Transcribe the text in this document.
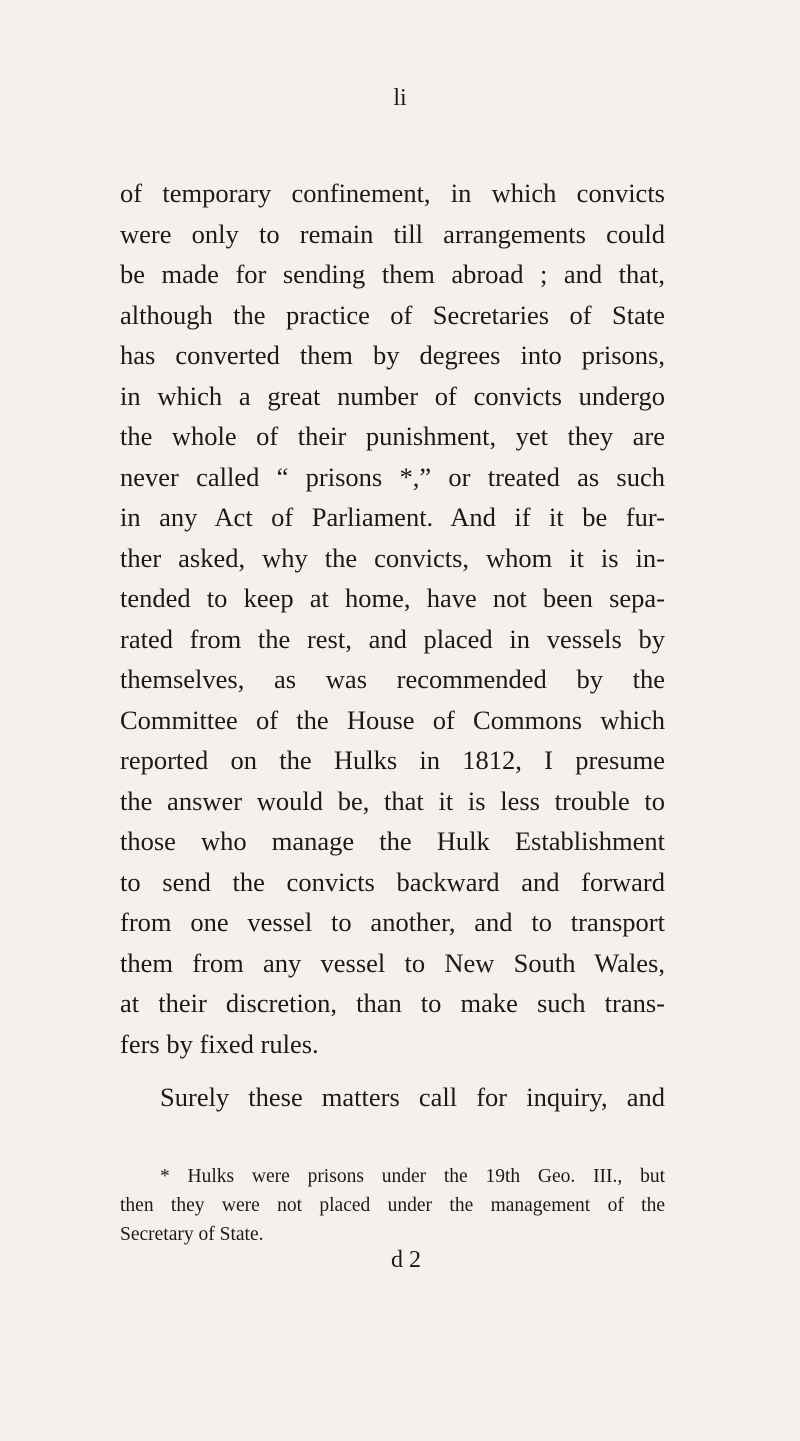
li
of temporary confinement, in which convicts
were only to remain till arrangements could
be made for sending them abroad ; and that,
although the practice of Secretaries of State
has converted them by degrees into prisons,
in which a great number of convicts undergo
the whole of their punishment, yet they are
never called “ prisons *,” or treated as such
in any Act of Parliament. And if it be fur-
ther asked, why the convicts, whom it is in-
tended to keep at home, have not been sepa-
rated from the rest, and placed in vessels by
themselves, as was recommended by the
Committee of the House of Commons which
reported on the Hulks in 1812, I presume
the answer would be, that it is less trouble to
those who manage the Hulk Establishment
to send the convicts backward and forward
from one vessel to another, and to transport
them from any vessel to New South Wales,
at their discretion, than to make such trans-
fers by fixed rules.

Surely these matters call for inquiry, and

* Hulks were prisons under the 19th Geo. III., but
then they were not placed under the management of the
Secretary of State.
d 2
